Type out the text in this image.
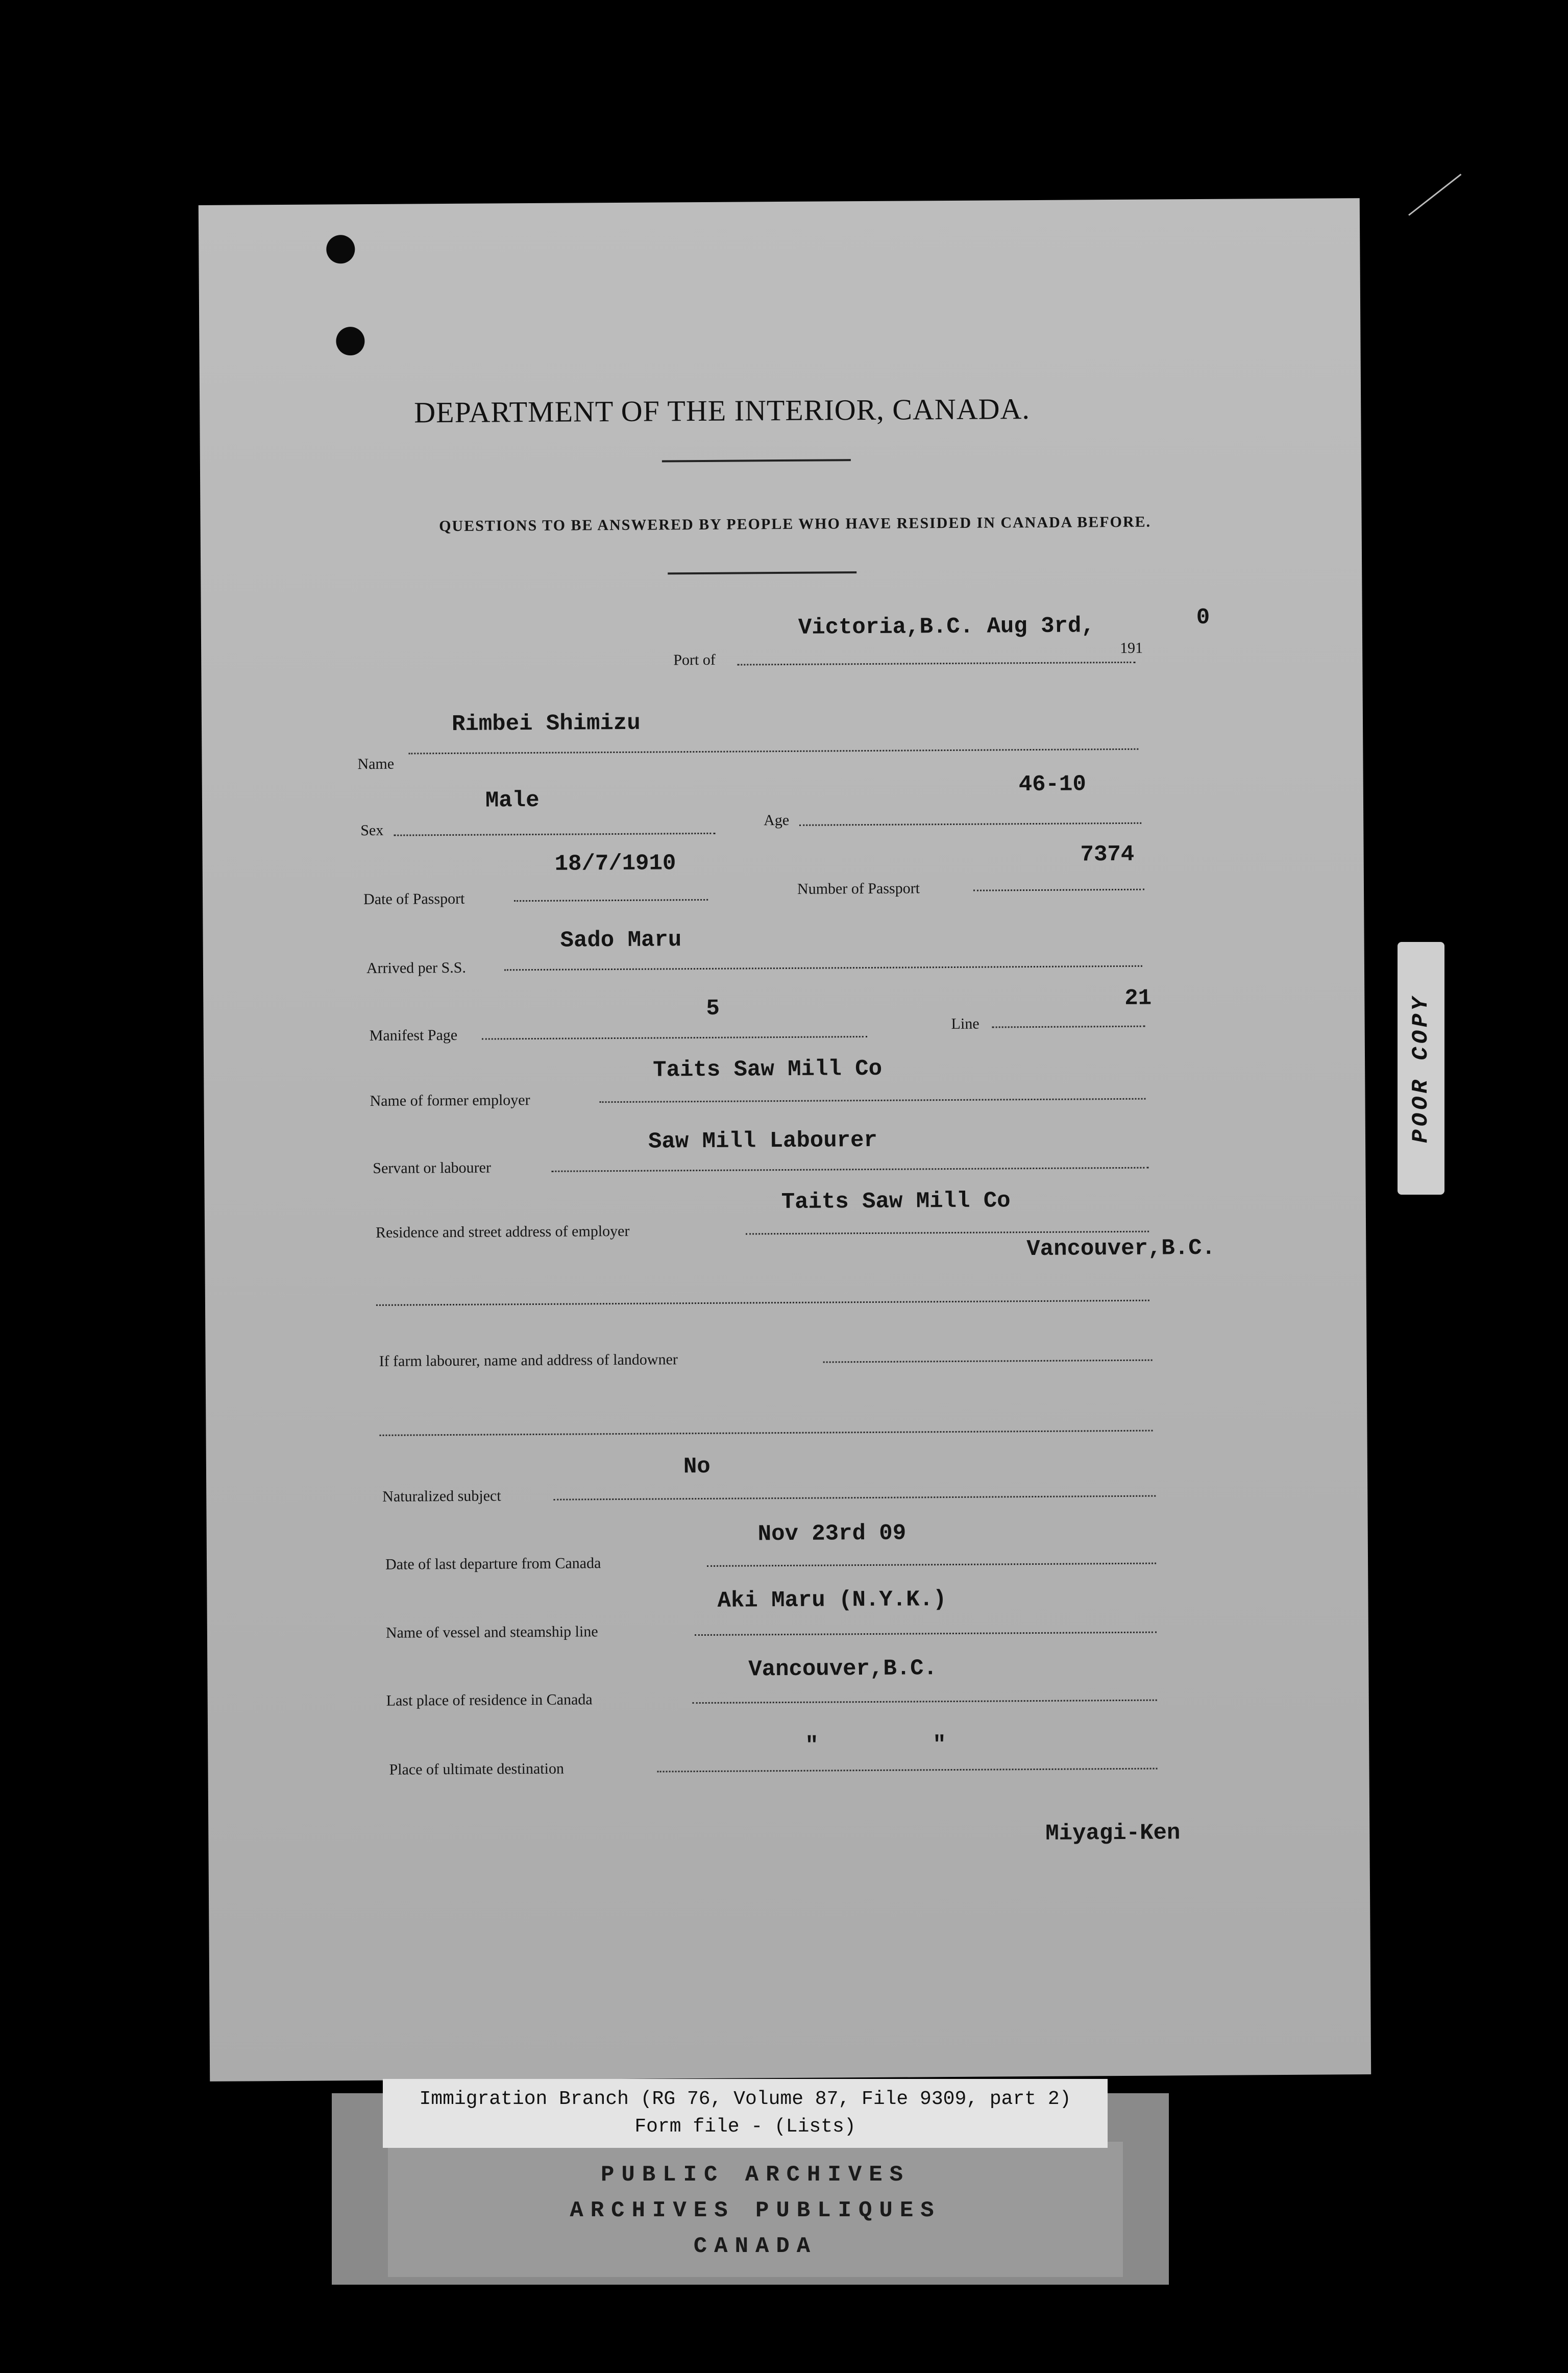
DEPARTMENT OF THE INTERIOR, CANADA.
QUESTIONS TO BE ANSWERED BY PEOPLE WHO HAVE RESIDED IN CANADA BEFORE.
Port of
Victoria,B.C. Aug 3rd,
191
0
Name
Rimbei Shimizu
Sex
Male
Age
46-10
Date of Passport
18/7/1910
Number of Passport
7374
Arrived per S.S.
Sado Maru
Manifest Page
5
Line
21
Name of former employer
Taits Saw Mill Co
Servant or labourer
Saw Mill Labourer
Residence and street address of employer
Taits Saw Mill Co
Vancouver,B.C.
If farm labourer, name and address of landowner
Naturalized subject
No
Date of last departure from Canada
Nov 23rd 09
Name of vessel and steamship line
Aki Maru (N.Y.K.)
Last place of residence in Canada
Vancouver,B.C.
Place of ultimate destination
"	"
Miyagi-Ken
POOR COPY
PUBLIC ARCHIVES
ARCHIVES PUBLIQUES
CANADA
Immigration Branch (RG 76, Volume 87, File 9309, part 2)
Form file - (Lists)
